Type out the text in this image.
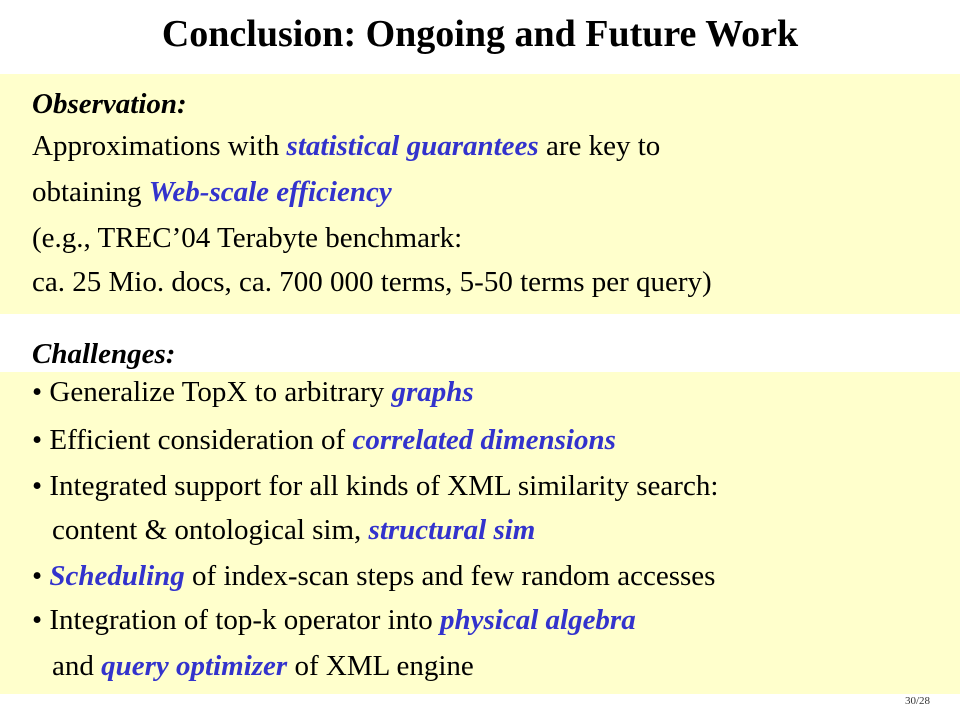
Conclusion: Ongoing and Future Work
Observation:
Approximations with statistical guarantees are key to
obtaining Web-scale efficiency
(e.g., TREC’04 Terabyte benchmark:
ca. 25 Mio. docs, ca. 700 000 terms, 5-50 terms per query)
Challenges:
• Generalize TopX to arbitrary graphs
• Efficient consideration of correlated dimensions
• Integrated support for all kinds of XML similarity search:
content & ontological sim, structural sim
• Scheduling of index-scan steps and few random accesses
• Integration of top-k operator into physical algebra
and query optimizer of XML engine
30/28
